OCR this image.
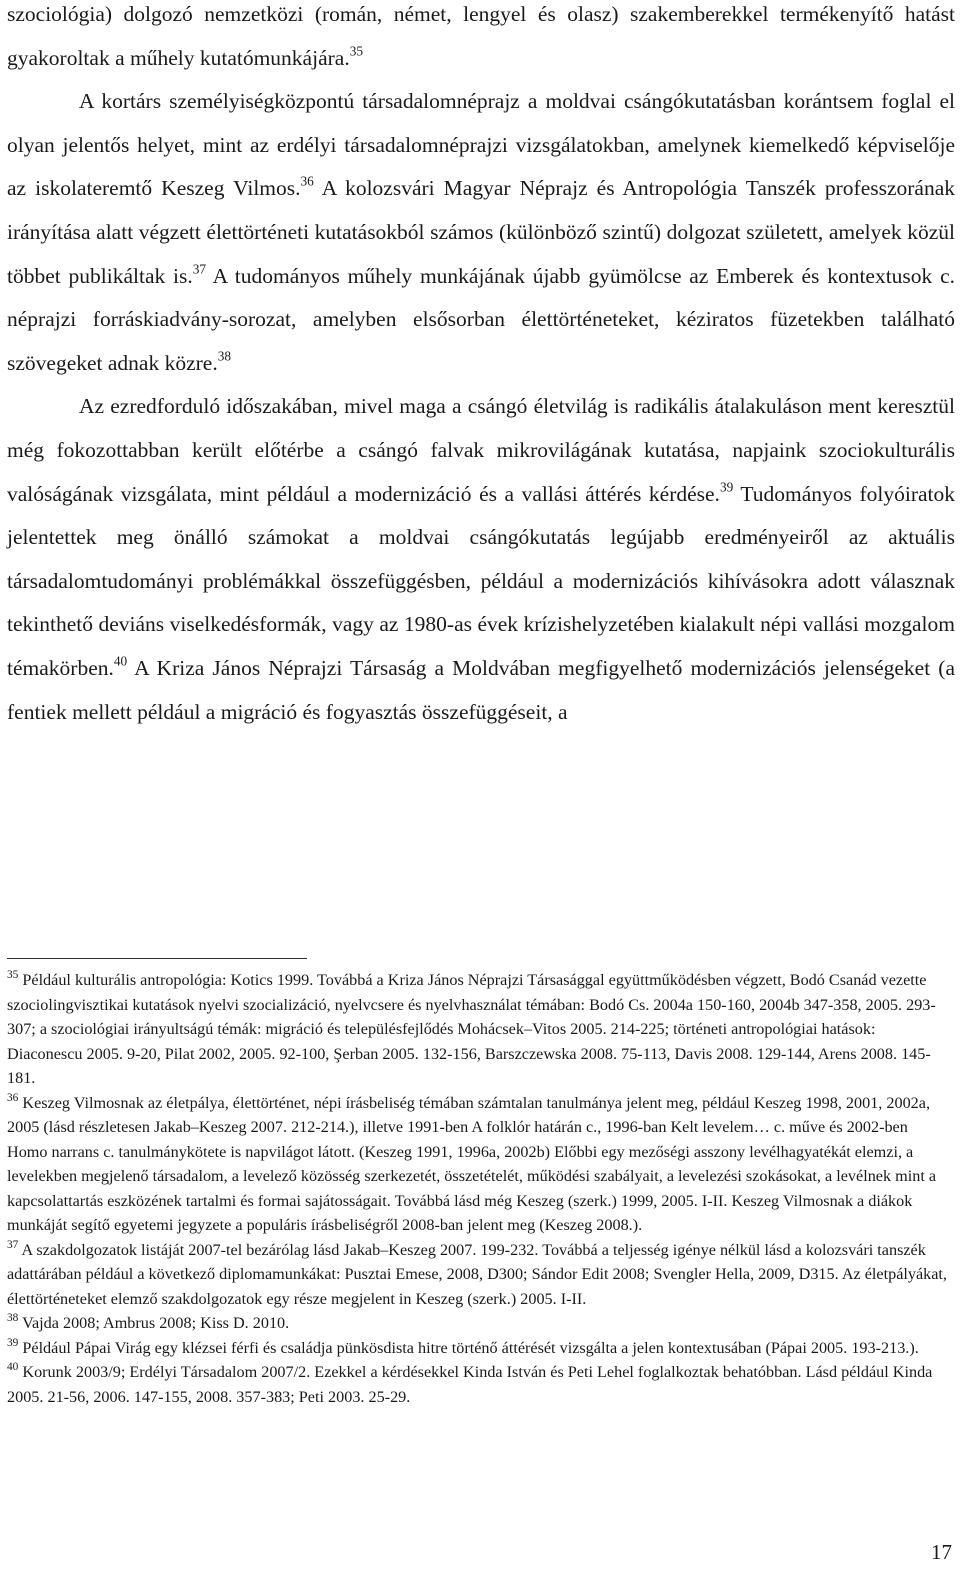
szociológia) dolgozó nemzetközi (román, német, lengyel és olasz) szakemberekkel termékenyítő hatást gyakoroltak a műhely kutatómunkájára.$^{35}$

A kortárs személyiségközpontú társadalomnéprajz a moldvai csángókutatásban korántsem foglal el olyan jelentős helyet, mint az erdélyi társadalomnéprajzi vizsgálatokban, amelynek kiemelkedő képviselője az iskolateremtő Keszeg Vilmos.$^{36}$ A kolozsvári Magyar Néprajz és Antropológia Tanszék professzorának irányítása alatt végzett élettörténeti kutatásokból számos (különböző szintű) dolgozat született, amelyek közül többet publikáltak is.$^{37}$ A tudományos műhely munkájának újabb gyümölcse az Emberek és kontextusok c. néprajzi forráskiadvány-sorozat, amelyben elsősorban élettörténeteket, kéziratos füzetekben található szövegeket adnak közre.$^{38}$

Az ezredforduló időszakában, mivel maga a csángó életvilág is radikális átalakuláson ment keresztül még fokozottabban került előtérbe a csángó falvak mikrovilágának kutatása, napjaink szociokulturális valóságának vizsgálata, mint például a modernizáció és a vallási áttérés kérdése.$^{39}$ Tudományos folyóiratok jelentettek meg önálló számokat a moldvai csángókutatás legújabb eredményeiről az aktuális társadalomtudományi problémákkal összefüggésben, például a modernizációs kihívásokra adott válasznak tekinthető deviáns viselkedésformák, vagy az 1980-as évek krízishelyzetében kialakult népi vallási mozgalom témakörben.$^{40}$ A Kriza János Néprajzi Társaság a Moldvában megfigyelhető modernizációs jelenségeket (a fentiek mellett például a migráció és fogyasztás összefüggéseit, a

$^{35}$ Például kulturális antropológia: Kotics 1999. Továbbá a Kriza János Néprajzi Társasággal együttműködésben végzett, Bodó Csanád vezette szociolingvisztikai kutatások nyelvi szocializáció, nyelvcsere és nyelvhasználat témában: Bodó Cs. 2004a 150-160, 2004b 347-358, 2005. 293-307; a szociológiai irányultságú témák: migráció és településfejlődés Mohácsek–Vitos 2005. 214-225; történeti antropológiai hatások: Diaconescu 2005. 9-20, Pilat 2002, 2005. 92-100, Şerban 2005. 132-156, Barszczewska 2008. 75-113, Davis 2008. 129-144, Arens 2008. 145-181.

$^{36}$ Keszeg Vilmosnak az életpálya, élettörténet, népi írásbeliség témában számtalan tanulmánya jelent meg, például Keszeg 1998, 2001, 2002a, 2005 (lásd részletesen Jakab–Keszeg 2007. 212-214.), illetve 1991-ben A folklór határán c., 1996-ban Kelt levelem… c. műve és 2002-ben Homo narrans c. tanulmánykötete is napvilágot látott. (Keszeg 1991, 1996a, 2002b) Előbbi egy mezőségi asszony levélhagyatékát elemzi, a levelekben megjelenő társadalom, a levelező közösség szerkezetét, összetételét, működési szabályait, a levelezési szokásokat, a levélnek mint a kapcsolattartás eszközének tartalmi és formai sajátosságait. Továbbá lásd még Keszeg (szerk.) 1999, 2005. I-II. Keszeg Vilmosnak a diákok munkáját segítő egyetemi jegyzete a populáris írásbeliségről 2008-ban jelent meg (Keszeg 2008.).

$^{37}$ A szakdolgozatok listáját 2007-tel bezárólag lásd Jakab–Keszeg 2007. 199-232. Továbbá a teljesség igénye nélkül lásd a kolozsvári tanszék adattárában például a következő diplomamunkákat: Pusztai Emese, 2008, D300; Sándor Edit 2008; Svengler Hella, 2009, D315. Az életpályákat, élettörténeteket elemző szakdolgozatok egy része megjelent in Keszeg (szerk.) 2005. I-II.

$^{38}$ Vajda 2008; Ambrus 2008; Kiss D. 2010.

$^{39}$ Például Pápai Virág egy klézsei férfi és családja pünkösdista hitre történő áttérését vizsgálta a jelen kontextusában (Pápai 2005. 193-213.).

$^{40}$ Korunk 2003/9; Erdélyi Társadalom 2007/2. Ezekkel a kérdésekkel Kinda István és Peti Lehel foglalkoztak behatóbban. Lásd például Kinda 2005. 21-56, 2006. 147-155, 2008. 357-383; Peti 2003. 25-29.

17
